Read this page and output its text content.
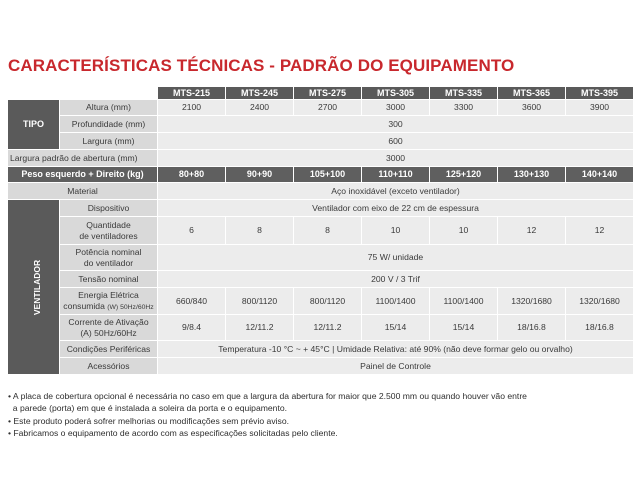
CARACTERÍSTICAS TÉCNICAS - PADRÃO DO EQUIPAMENTO
		MTS-215	MTS-245	MTS-275	MTS-305	MTS-335	MTS-365	MTS-395
TIPO	Altura (mm)	2100	2400	2700	3000	3300	3600	3900
	Profundidade (mm)	300						
	Largura (mm)	600						
Largura padrão de abertura (mm)		3000						
Peso esquerdo + Direito (kg)		80+80	90+90	105+100	110+110	125+120	130+130	140+140
Material		Aço inoxidável (exceto ventilador)						
VENTILADOR	Dispositivo	Ventilador com eixo de 22 cm de espessura						
	Quantidade
de ventiladores	6	8	8	10	10	12	12
	Potência nominal
do ventilador	75 W/ unidade						
	Tensão nominal	200 V / 3 Trif						
	Energia Elétrica
consumida (W) 50Hz/60Hz	660/840	800/1120	800/1120	1100/1400	1100/1400	1320/1680	1320/1680
	Corrente de Ativação
(A) 50Hz/60Hz	9/8.4	12/11.2	12/11.2	15/14	15/14	18/16.8	18/16.8
	Condições Periféricas	Temperatura -10 °C ~ + 45°C | Umidade Relativa: até 90% (não deve formar gelo ou orvalho)						
	Acessórios	Painel de Controle						
• A placa de cobertura opcional é necessária no caso em que a largura da abertura for maior que 2.500 mm ou quando houver vão entre
a parede (porta) em que é instalada a soleira da porta e o equipamento.
• Este produto poderá sofrer melhorias ou modificações sem prévio aviso.
• Fabricamos o equipamento de acordo com as especificações solicitadas pelo cliente.
